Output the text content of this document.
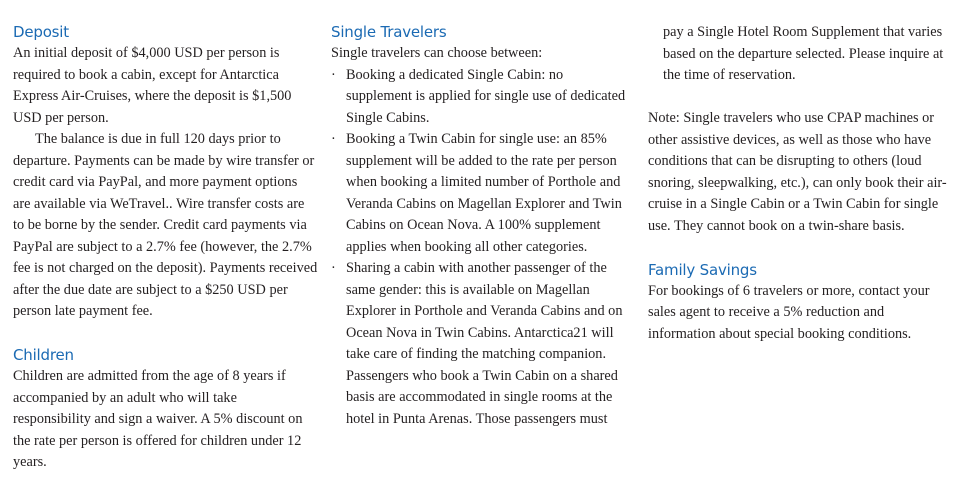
Deposit

An initial deposit of $4,000 USD per person is required to book a cabin, except for Antarctica Express Air-Cruises, where the deposit is $1,500 USD per person.

The balance is due in full 120 days prior to departure. Payments can be made by wire transfer or credit card via PayPal, and more payment options are available via WeTravel.. Wire transfer costs are to be borne by the sender. Credit card payments via PayPal are subject to a 2.7% fee (however, the 2.7% fee is not charged on the deposit). Payments received after the due date are subject to a $250 USD per person late payment fee.

Children

Children are admitted from the age of 8 years if accompanied by an adult who will take responsibility and sign a waiver. A 5% discount on the rate per person is offered for children under 12 years.

Single Travelers

Single travelers can choose between:

· Booking a dedicated Single Cabin: no supplement is applied for single use of dedicated Single Cabins.
· Booking a Twin Cabin for single use: an 85% supplement will be added to the rate per person when booking a limited number of Porthole and Veranda Cabins on Magellan Explorer and Twin Cabins on Ocean Nova. A 100% supplement applies when booking all other categories.
· Sharing a cabin with another passenger of the same gender: this is available on Magellan Explorer in Porthole and Veranda Cabins and on Ocean Nova in Twin Cabins. Antarctica21 will take care of finding the matching companion. Passengers who book a Twin Cabin on a shared basis are accommodated in single rooms at the hotel in Punta Arenas. Those passengers must

pay a Single Hotel Room Supplement that varies based on the departure selected. Please inquire at the time of reservation.

Note: Single travelers who use CPAP machines or other assistive devices, as well as those who have conditions that can be disrupting to others (loud snoring, sleepwalking, etc.), can only book their air-cruise in a Single Cabin or a Twin Cabin for single use. They cannot book on a twin-share basis.

Family Savings

For bookings of 6 travelers or more, contact your sales agent to receive a 5% reduction and information about special booking conditions.
